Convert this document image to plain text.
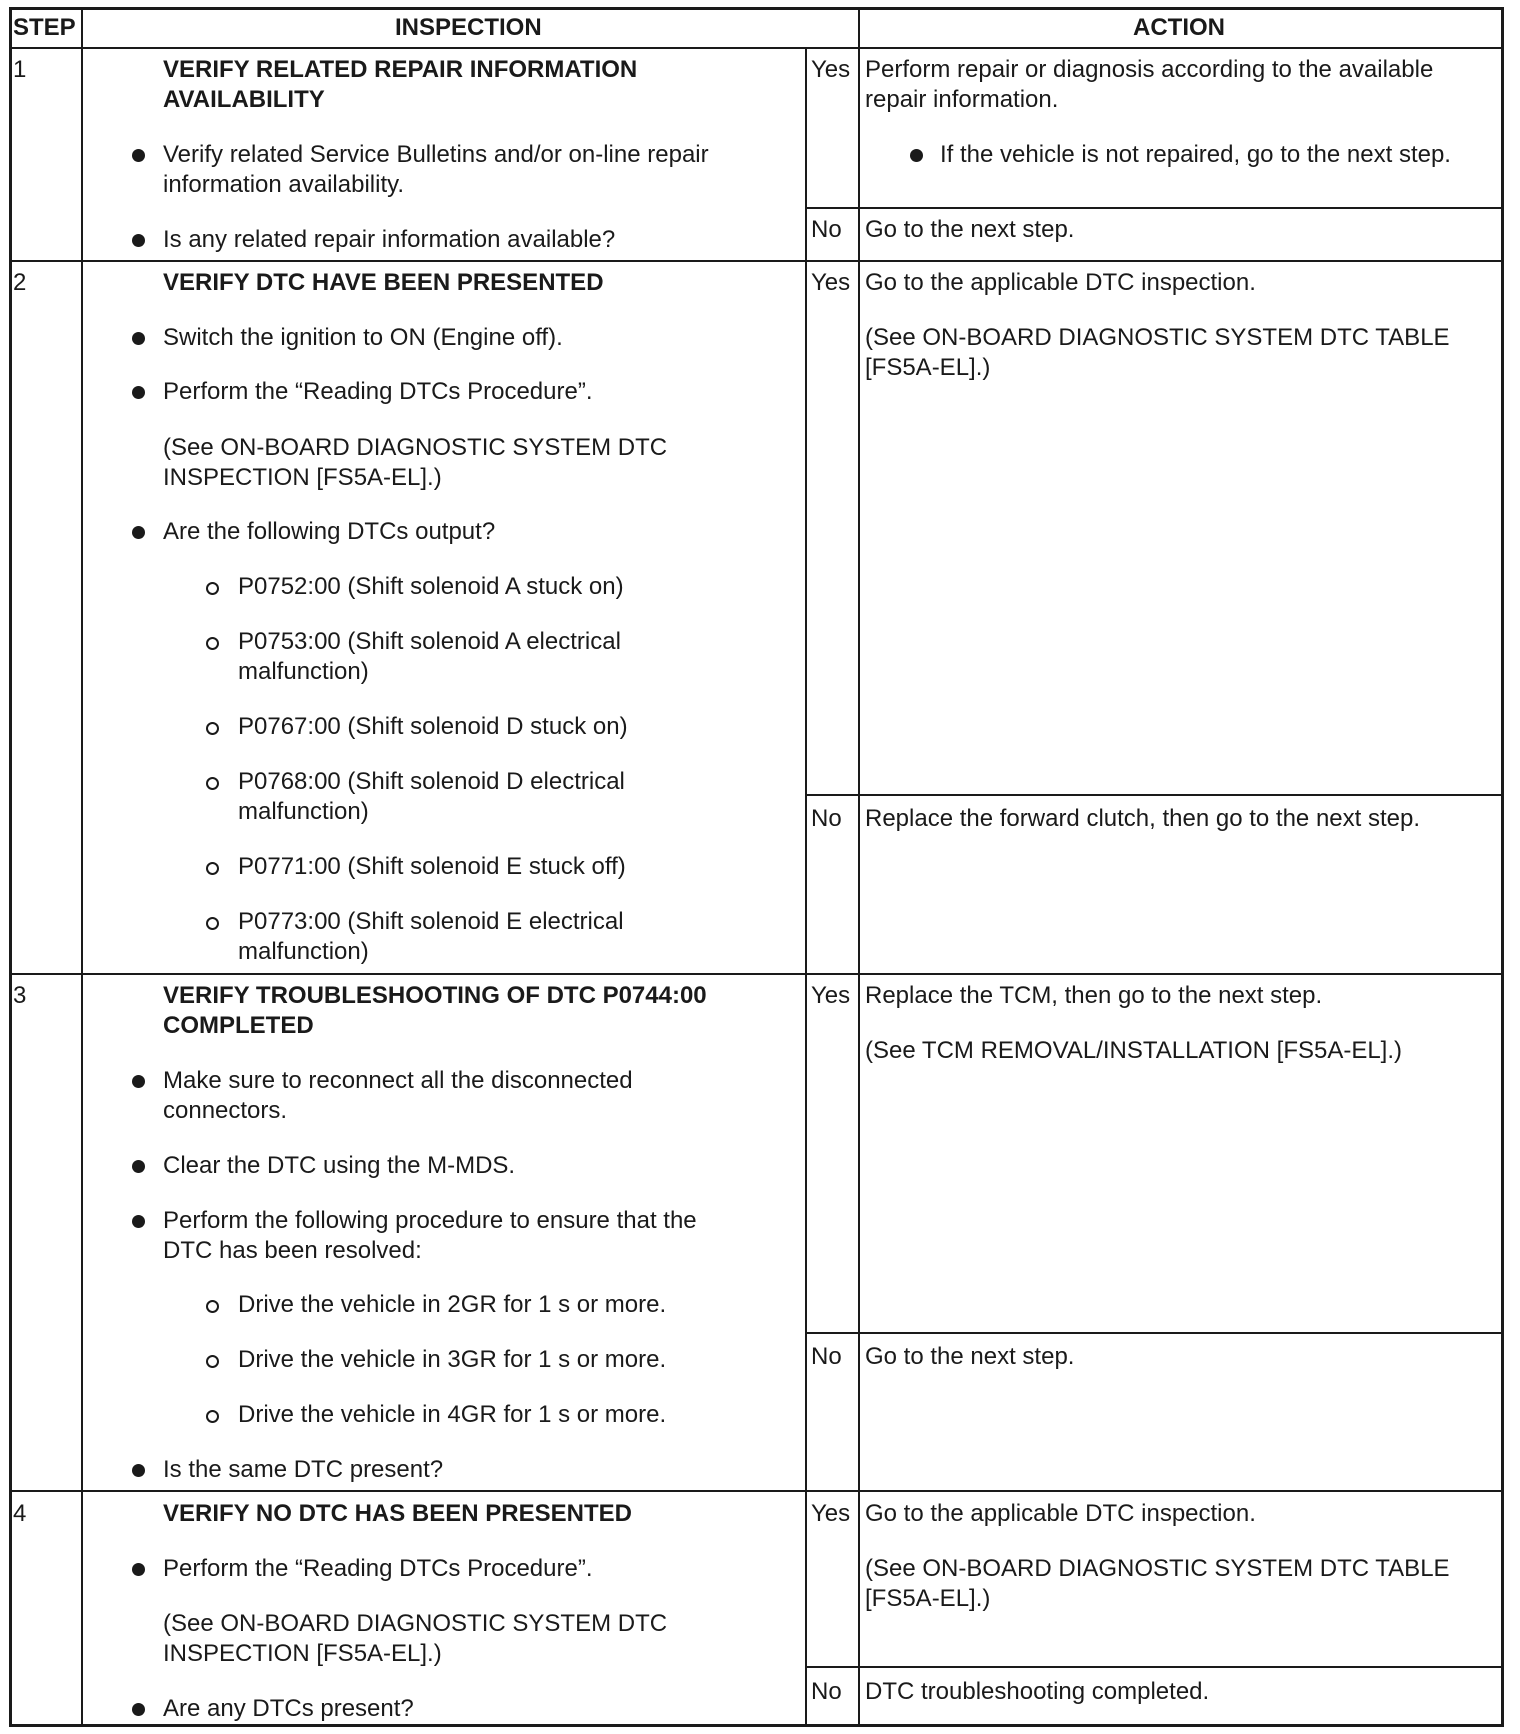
STEP	INSPECTION	ACTION
1	VERIFY RELATED REPAIR INFORMATION
AVAILABILITY
Verify related Service Bulletins and/or on-line repair
information availability.
Is any related repair information available?
Yes Perform repair or diagnosis according to the available
repair information.
If the vehicle is not repaired, go to the next step.
No Go to the next step.
2	VERIFY DTC HAVE BEEN PRESENTED
Switch the ignition to ON (Engine off).
Perform the “Reading DTCs Procedure”.
(See ON-BOARD DIAGNOSTIC SYSTEM DTC
INSPECTION [FS5A-EL].)
Are the following DTCs output?
P0752:00 (Shift solenoid A stuck on)
P0753:00 (Shift solenoid A electrical
malfunction)
P0767:00 (Shift solenoid D stuck on)
P0768:00 (Shift solenoid D electrical
malfunction)
P0771:00 (Shift solenoid E stuck off)
P0773:00 (Shift solenoid E electrical
malfunction)
Yes Go to the applicable DTC inspection.
(See ON-BOARD DIAGNOSTIC SYSTEM DTC TABLE
[FS5A-EL].)
No Replace the forward clutch, then go to the next step.
3	VERIFY TROUBLESHOOTING OF DTC P0744:00
COMPLETED
Make sure to reconnect all the disconnected
connectors.
Clear the DTC using the M-MDS.
Perform the following procedure to ensure that the
DTC has been resolved:
Drive the vehicle in 2GR for 1 s or more.
Drive the vehicle in 3GR for 1 s or more.
Drive the vehicle in 4GR for 1 s or more.
Is the same DTC present?
Yes Replace the TCM, then go to the next step.
(See TCM REMOVAL/INSTALLATION [FS5A-EL].)
No Go to the next step.
4	VERIFY NO DTC HAS BEEN PRESENTED
Perform the “Reading DTCs Procedure”.
(See ON-BOARD DIAGNOSTIC SYSTEM DTC
INSPECTION [FS5A-EL].)
Are any DTCs present?
Yes Go to the applicable DTC inspection.
(See ON-BOARD DIAGNOSTIC SYSTEM DTC TABLE
[FS5A-EL].)
No DTC troubleshooting completed.
